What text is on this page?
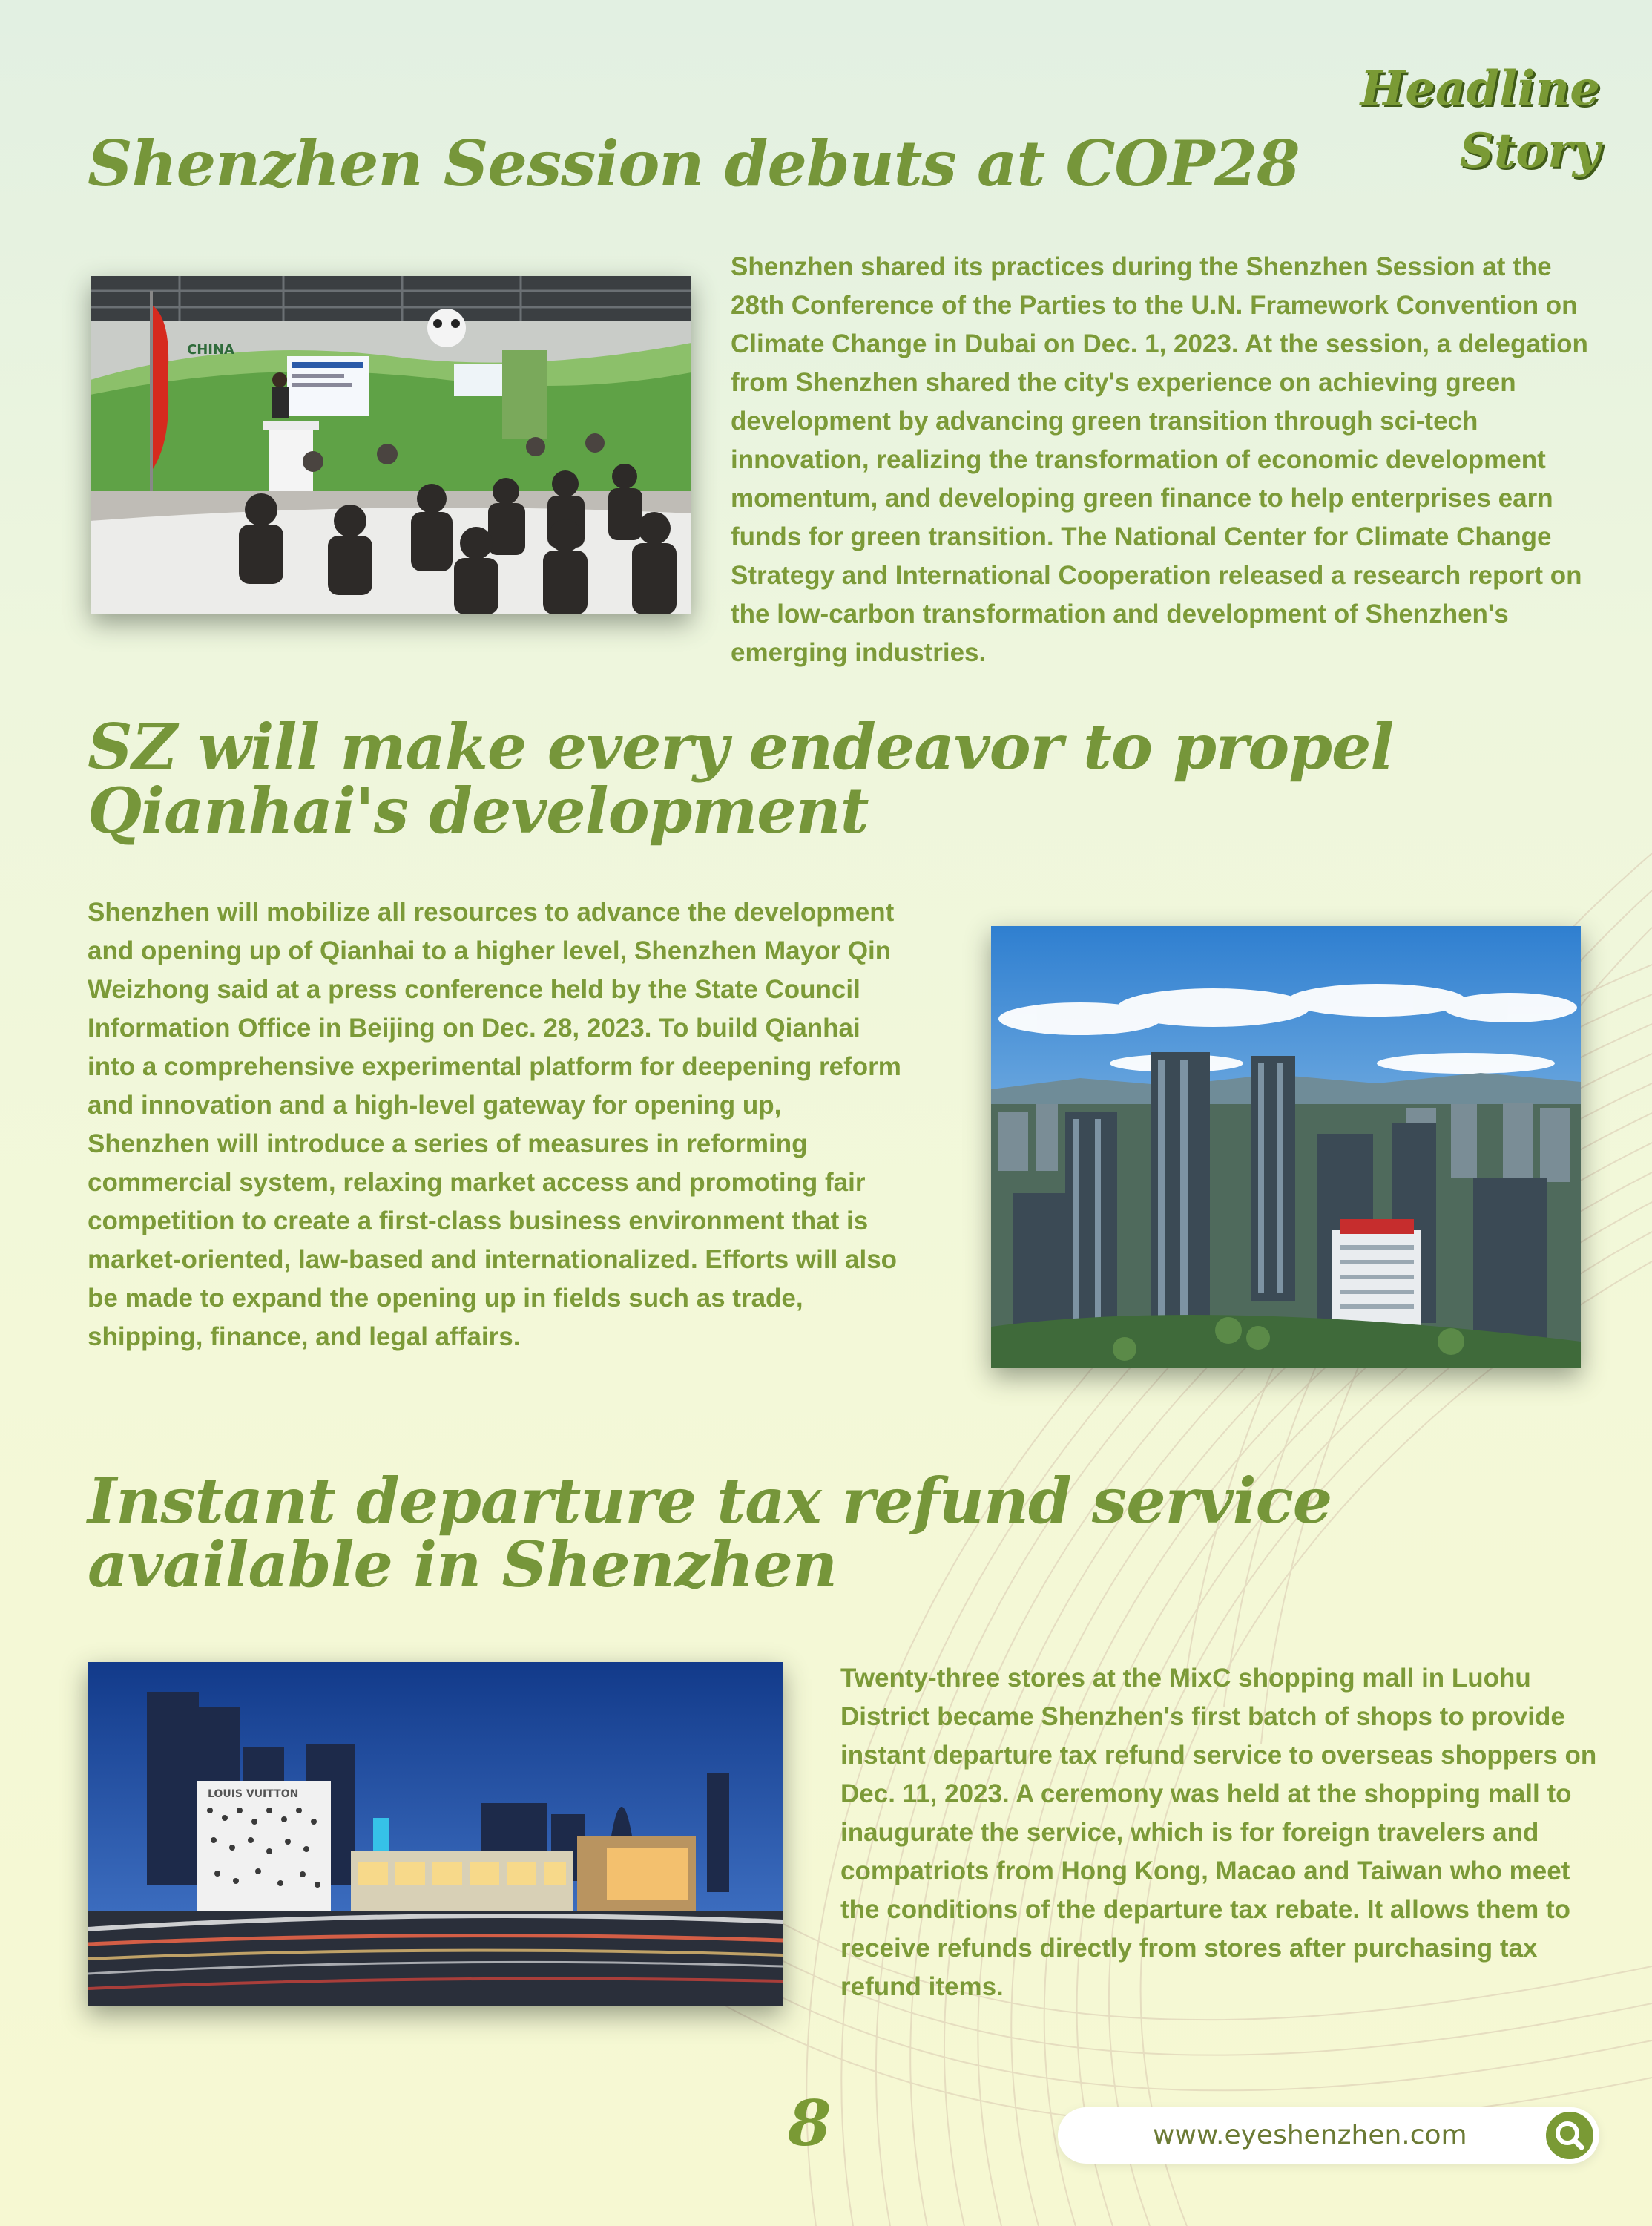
Headline
Story
Shenzhen Session debuts at COP28
CHINA

Shenzhen shared its practices during the Shenzhen Session at the 28th Conference of the Parties to the U.N. Framework Convention on Climate Change in Dubai on Dec. 1, 2023. At the session, a delegation from Shenzhen shared the city's experience on achieving green development by advancing green transition through sci-tech innovation, realizing the transformation of economic development momentum, and developing green finance to help enterprises earn funds for green transition. The National Center for Climate Change Strategy and International Cooperation released a research report on the low-carbon transformation and development of Shenzhen's emerging industries.

SZ will make every endeavor to propel
Qianhai's development

Shenzhen will mobilize all resources to advance the development and opening up of Qianhai to a higher level, Shenzhen Mayor Qin Weizhong said at a press conference held by the State Council Information Office in Beijing on Dec. 28, 2023. To build Qianhai into a comprehensive experimental platform for deepening reform and innovation and a high-level gateway for opening up, Shenzhen will introduce a series of measures in reforming commercial system, relaxing market access and promoting fair competition to create a first-class business environment that is market-oriented, law-based and internationalized. Efforts will also be made to expand the opening up in fields such as trade, shipping, finance, and legal affairs.

Instant departure tax refund service
available in Shenzhen
LOUIS VUITTON

Twenty-three stores at the MixC shopping mall in Luohu District became Shenzhen's first batch of shops to provide instant departure tax refund service to overseas shoppers on Dec. 11, 2023. A ceremony was held at the shopping mall to inaugurate the service, which is for foreign travelers and compatriots from Hong Kong, Macao and Taiwan who meet the conditions of the departure tax rebate. It allows them to receive refunds directly from stores after purchasing tax refund items.

8	www.eyeshenzhen.com
